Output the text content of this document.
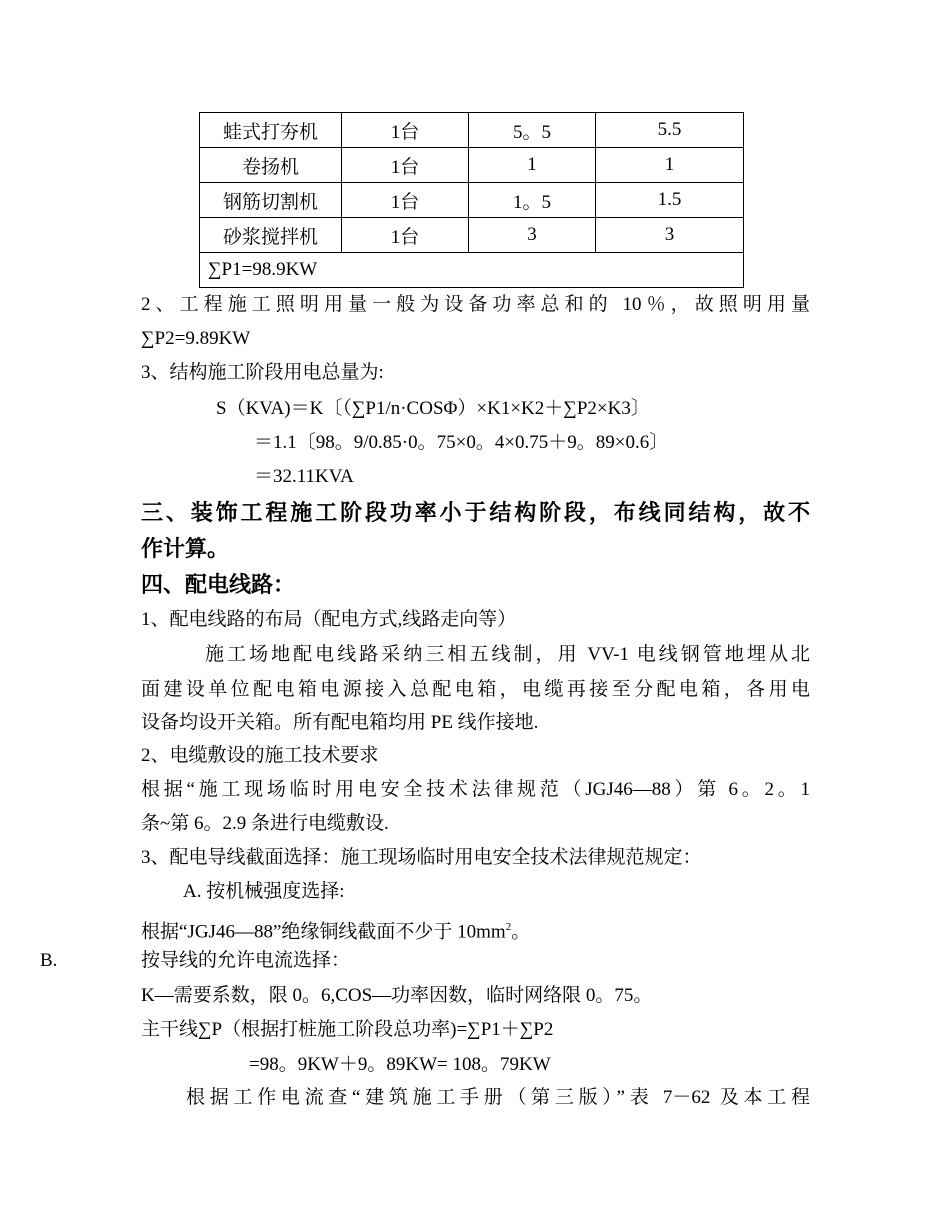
蛙式打夯机	1台	5。5	5.5
卷扬机	1台	1	1
钢筋切割机	1台	1。5	1.5
砂浆搅拌机	1台	3	3
∑P1=98.9KW			
2、工程施工照明用量一般为设备功率总和的 10％，故照明用量
∑P2=9.89KW
3、结构施工阶段用电总量为:
S（KVA)＝K〔（∑P1/n·COSΦ）×K1×K2＋∑P2×K3〕
＝1.1〔98。9/0.85·0。75×0。4×0.75＋9。89×0.6〕
＝32.11KVA
三、装饰工程施工阶段功率小于结构阶段，布线同结构，故不
作计算。
四、配电线路：
1、配电线路的布局（配电方式,线路走向等）
施工场地配电线路采纳三相五线制，用 VV-1 电线钢管地埋从北
面建设单位配电箱电源接入总配电箱，电缆再接至分配电箱，各用电
设备均设开关箱。所有配电箱均用 PE 线作接地.
2、电缆敷设的施工技术要求
根据“施工现场临时用电安全技术法律规范（JGJ46—88）第 6。2。1
条~第 6。2.9 条进行电缆敷设.
3、配电导线截面选择：施工现场临时用电安全技术法律规范规定：
A. 按机械强度选择:
根据“JGJ46—88”绝缘铜线截面不少于 $10mm^2$。
B.	按导线的允许电流选择：
K—需要系数，限 0。6,COS—功率因数，临时网络限 0。75。
主干线∑P（根据打桩施工阶段总功率)=∑P1＋∑P2
=98。9KW＋9。89KW= 108。79KW
根据工作电流查“建筑施工手册（第三版）”表 7－62 及本工程
